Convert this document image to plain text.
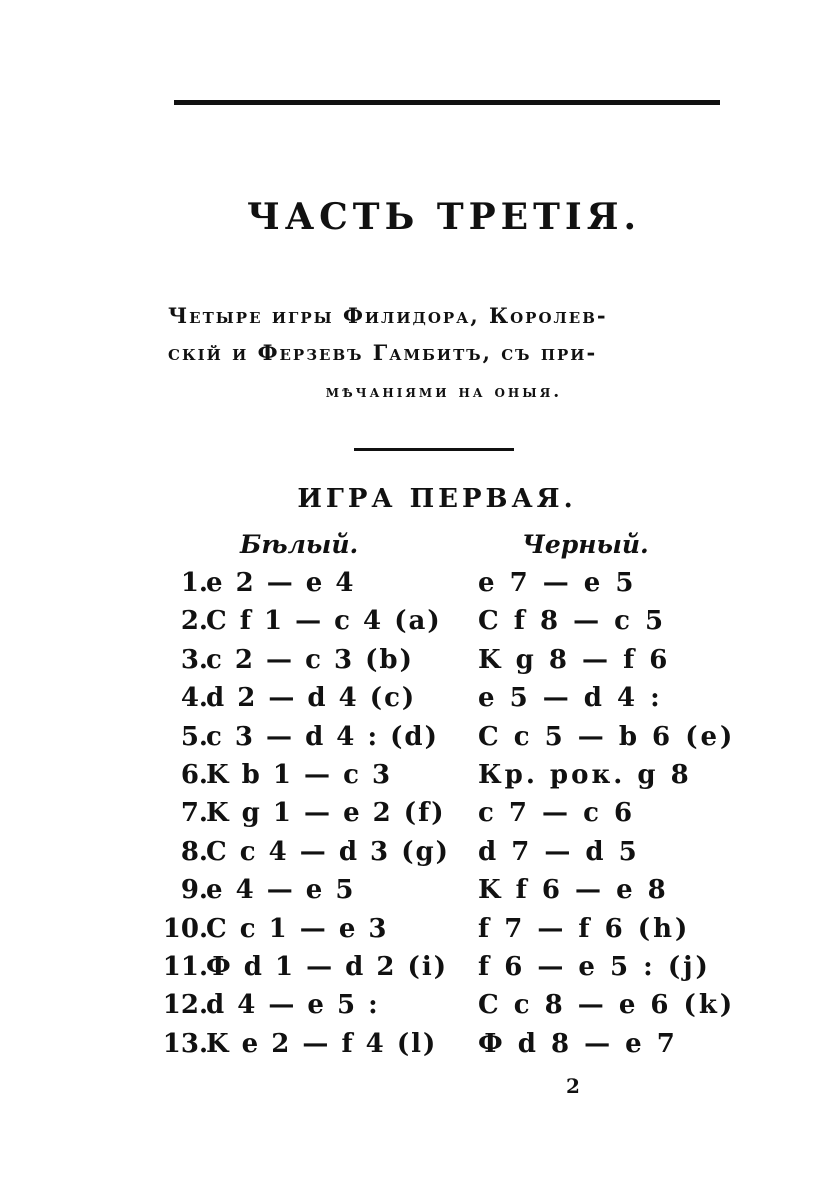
ЧАСТЬ ТРЕТІЯ.
Четыре игры Филидора, Королев-
скій и Ферзевъ Гамбитъ, съ при-
мѣчаніями на оныя.
ИГРА ПЕРВАЯ.
Бѣлый.	Черный.
1.
e 2 — e 4	e 7 — e 5
2.
C f 1 — c 4 (a) C f 8 — c 5
3.
c 2 — c 3 (b) K g 8 — f 6
4.
d 2 — d 4 (c) e 5 — d 4 :
5.
c 3 — d 4 : (d) C c 5 — b 6 (e)
6.
K b 1 — c 3	Кр. рок. g 8
7.
K g 1 — e 2 (f) c 7 — c 6
8.
C c 4 — d 3 (g) d 7 — d 5
9.
e 4 — e 5	K f 6 — e 8
10.
C c 1 — e 3	f 7 — f 6 (h)
11.
Ф d 1 — d 2 (i) f 6 — e 5 : (j)
12.
d 4 — e 5 :	C c 8 — e 6 (k)
13.
K e 2 — f 4 (l) Ф d 8 — e 7
2
